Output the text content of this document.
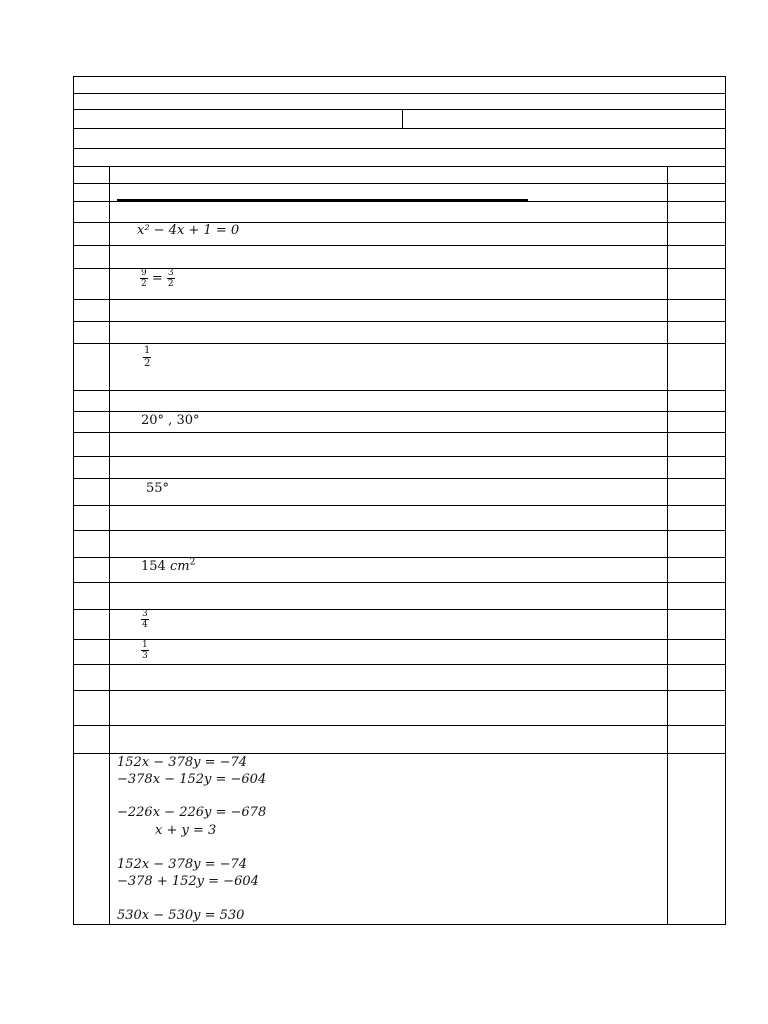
x² − 4x + 1 = 0
$\frac{9}{2} = \frac{3}{2}$
$\frac{1}{2}$
20° , 30°
55°
154 $cm^2$
$\frac{3}{4}$
$\frac{1}{3}$
152x − 378y = −74
−378x − 152y = −604
−226x − 226y = −678
x + y = 3
152x − 378y = −74
−378 + 152y = −604
530x − 530y = 530
